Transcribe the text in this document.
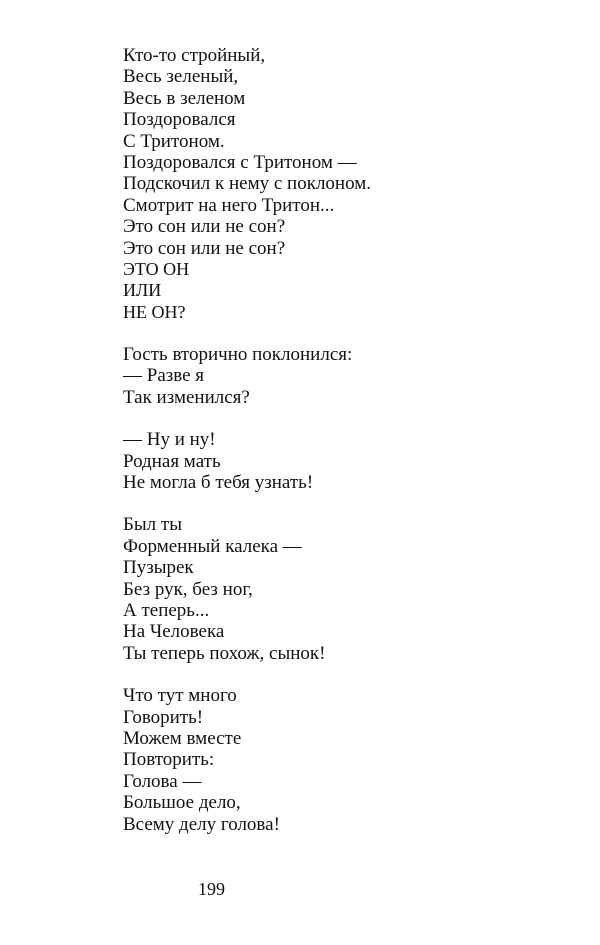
Кто-то стройный,
Весь зеленый,
Весь в зеленом
Поздоровался
С Тритоном.
Поздоровался с Тритоном —
Подскочил к нему с поклоном.
Смотрит на него Тритон...
Это сон или не сон?
Это сон или не сон?
ЭТО ОН
ИЛИ
НЕ ОН?
Гость вторично поклонился:
— Разве я
Так изменился?
— Ну и ну!
Родная мать
Не могла б тебя узнать!
Был ты
Форменный калека —
Пузырек
Без рук, без ног,
А теперь...
На Человека
Ты теперь похож, сынок!
Что тут много
Говорить!
Можем вместе
Повторить:
Голова —
Большое дело,
Всему делу голова!
199
